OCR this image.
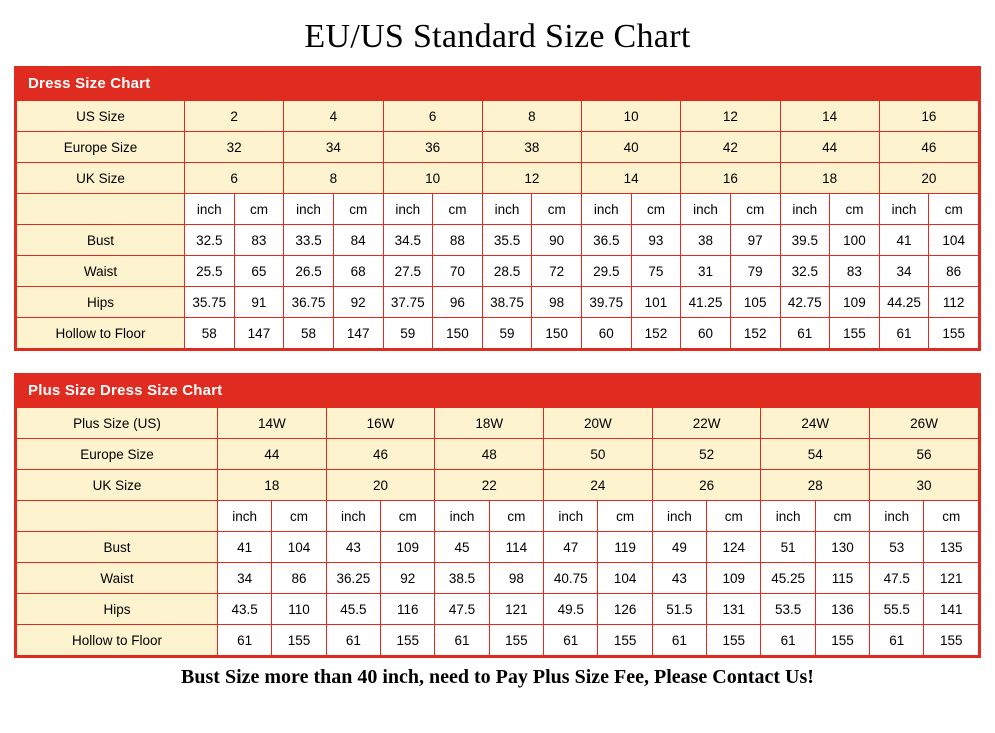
EU/US Standard Size Chart
Dress Size Chart
US Size	2		4		6		8		10		12		14		16	
Europe Size	32		34		36		38		40		42		44		46	
UK Size	6		8		10		12		14		16		18		20	
	inch	cm	inch	cm	inch	cm	inch	cm	inch	cm	inch	cm	inch	cm	inch	cm
Bust	32.5	83	33.5	84	34.5	88	35.5	90	36.5	93	38	97	39.5	100	41	104
Waist	25.5	65	26.5	68	27.5	70	28.5	72	29.5	75	31	79	32.5	83	34	86
Hips	35.75	91	36.75	92	37.75	96	38.75	98	39.75	101	41.25	105	42.75	109	44.25	112
Hollow to Floor	58	147	58	147	59	150	59	150	60	152	60	152	61	155	61	155
Plus Size Dress Size Chart
Plus Size (US)	14W		16W		18W		20W		22W		24W		26W	
Europe Size	44		46		48		50		52		54		56	
UK Size	18		20		22		24		26		28		30	
	inch	cm	inch	cm	inch	cm	inch	cm	inch	cm	inch	cm	inch	cm
Bust	41	104	43	109	45	114	47	119	49	124	51	130	53	135
Waist	34	86	36.25	92	38.5	98	40.75	104	43	109	45.25	115	47.5	121
Hips	43.5	110	45.5	116	47.5	121	49.5	126	51.5	131	53.5	136	55.5	141
Hollow to Floor	61	155	61	155	61	155	61	155	61	155	61	155	61	155
Bust Size more than 40 inch, need to Pay Plus Size Fee, Please Contact Us!
